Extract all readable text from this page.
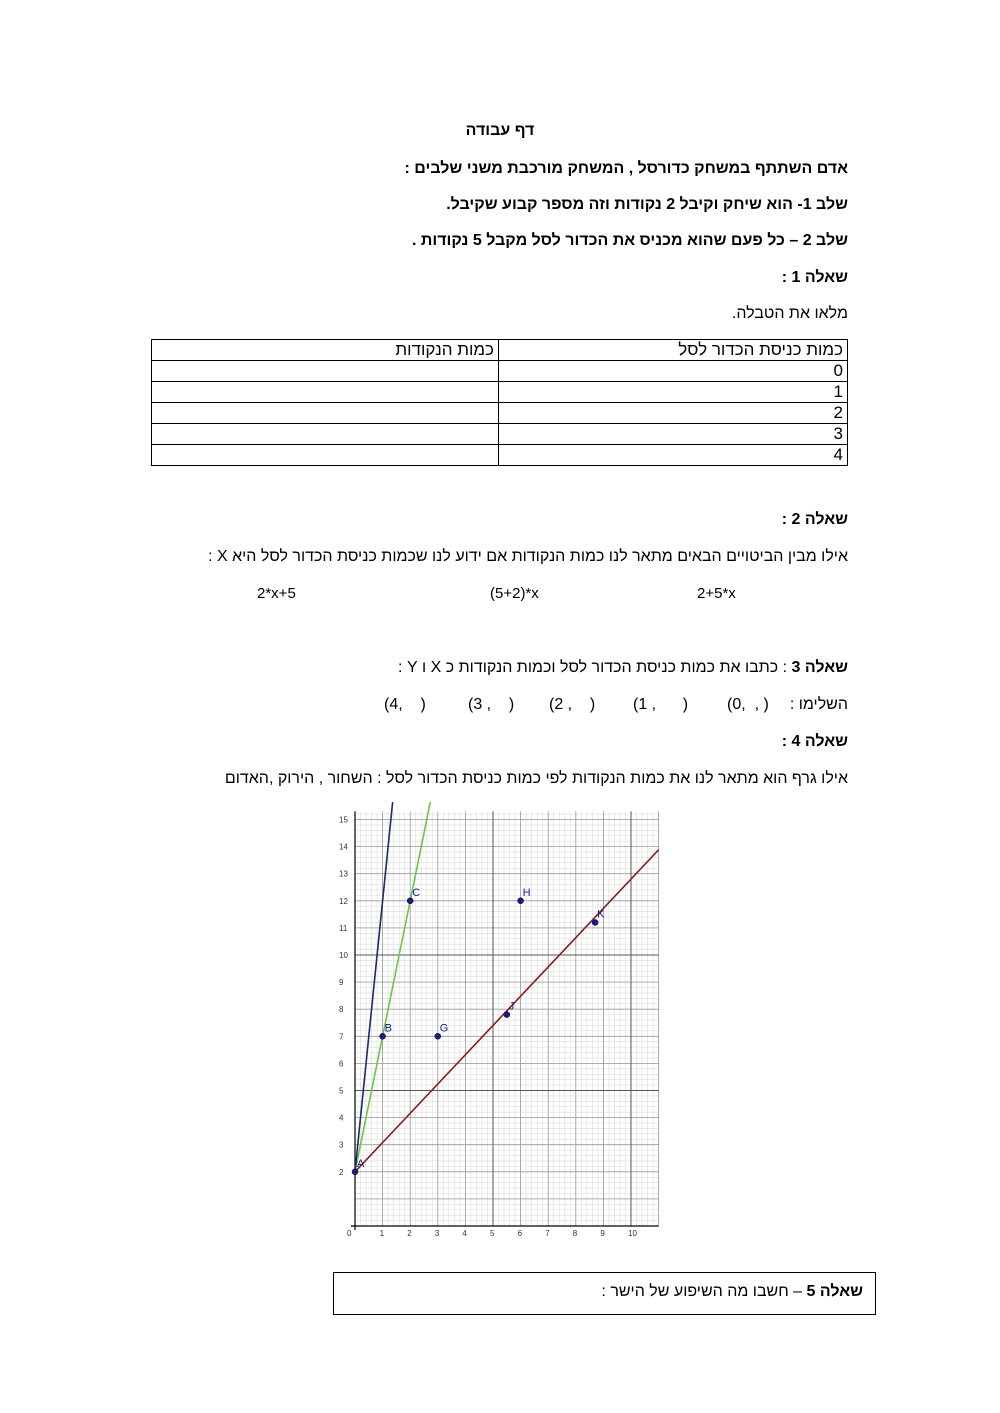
דף עבודה
אדם השתתף במשחק כדורסל , המשחק מורכבת משני שלבים :
שלב 1- הוא שיחק וקיבל 2 נקודות וזה מספר קבוע שקיבל.
שלב 2 – כל פעם שהוא מכניס את הכדור לסל מקבל 5 נקודות .
שאלה 1 :
מלאו את הטבלה.
כמות כניסת הכדור לסל	כמות הנקודות
0	
1	
2	
3	
4	
שאלה 2 :
אילו מבין הביטויים הבאים מתאר לנו כמות הנקודות אם ידוע לנו שכמות כניסת הכדור לסל היא X :
2+5*x
(5+2)*x
2*x+5
שאלה 3 : כתבו את כמות כניסת הכדור לסל וכמות הנקודות כ X ו Y :
השלימו :
(0,  , )
(1 ,      )
(2 ,    )
(3 ,    )
(4,    )
שאלה 4 :
אילו גרף הוא מתאר לנו את כמות הנקודות לפי כמות כניסת הכדור לסל : השחור , הירוק ,האדום
0	1	2	3	4	5	6	7	8	9	10
2
3
4
5
6
7
8
9
10
11
12
13
14
15
A
B
C
G
H
J
K
שאלה 5 – חשבו מה השיפוע של הישר :
